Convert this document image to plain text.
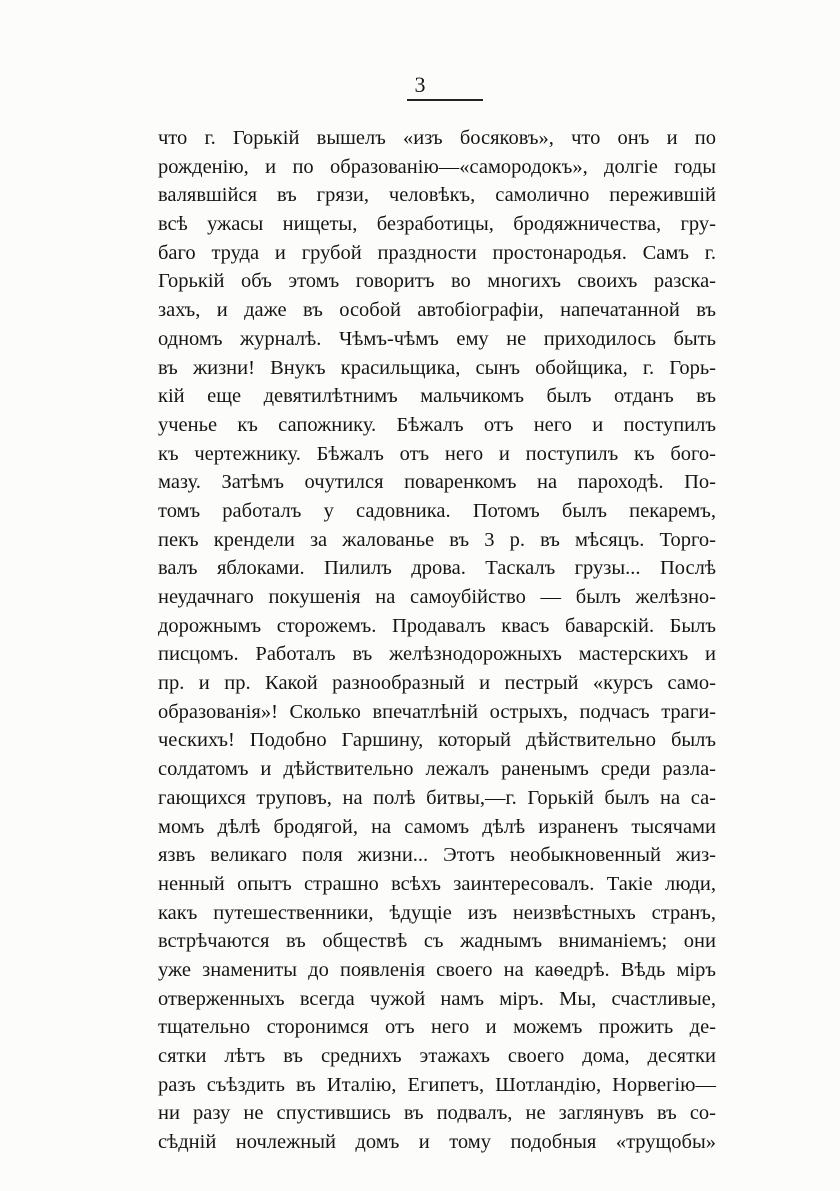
3
что г. Горькій вышелъ «изъ босяковъ», что онъ и по
рожденію, и по образованію—«самородокъ», долгіе годы
валявшійся въ грязи, человѣкъ, самолично пережившій
всѣ ужасы нищеты, безработицы, бродяжничества, гру-
баго труда и грубой праздности простонародья. Самъ г.
Горькій объ этомъ говоритъ во многихъ своихъ разска-
захъ, и даже въ особой автобіографіи, напечатанной въ
одномъ журналѣ. Чѣмъ-чѣмъ ему не приходилось быть
въ жизни! Внукъ красильщика, сынъ обойщика, г. Горь-
кій еще девятилѣтнимъ мальчикомъ былъ отданъ въ
ученье къ сапожнику. Бѣжалъ отъ него и поступилъ
къ чертежнику. Бѣжалъ отъ него и поступилъ къ бого-
мазу. Затѣмъ очутился поваренкомъ на пароходѣ. По-
томъ работалъ у садовника. Потомъ былъ пекаремъ,
пекъ крендели за жалованье въ 3 р. въ мѣсяцъ. Торго-
валъ яблоками. Пилилъ дрова. Таскалъ грузы... Послѣ
неудачнаго покушенія на самоубійство — былъ желѣзно-
дорожнымъ сторожемъ. Продавалъ квасъ баварскій. Былъ
писцомъ. Работалъ въ желѣзнодорожныхъ мастерскихъ и
пр. и пр. Какой разнообразный и пестрый «курсъ само-
образованія»! Сколько впечатлѣній острыхъ, подчасъ траги-
ческихъ! Подобно Гаршину, который дѣйствительно былъ
солдатомъ и дѣйствительно лежалъ раненымъ среди разла-
гающихся труповъ, на полѣ битвы,—г. Горькій былъ на са-
момъ дѣлѣ бродягой, на самомъ дѣлѣ израненъ тысячами
язвъ великаго поля жизни... Этотъ необыкновенный жиз-
ненный опытъ страшно всѣхъ заинтересовалъ. Такіе люди,
какъ путешественники, ѣдущіе изъ неизвѣстныхъ странъ,
встрѣчаются въ обществѣ съ жаднымъ вниманіемъ; они
уже знамениты до появленія своего на каѳедрѣ. Вѣдь міръ
отверженныхъ всегда чужой намъ міръ. Мы, счастливые,
тщательно сторонимся отъ него и можемъ прожить де-
сятки лѣтъ въ среднихъ этажахъ своего дома, десятки
разъ съѣздить въ Италію, Египетъ, Шотландію, Норвегію—
ни разу не спустившись въ подвалъ, не заглянувъ въ со-
сѣдній ночлежный домъ и тому подобныя «трущобы»
